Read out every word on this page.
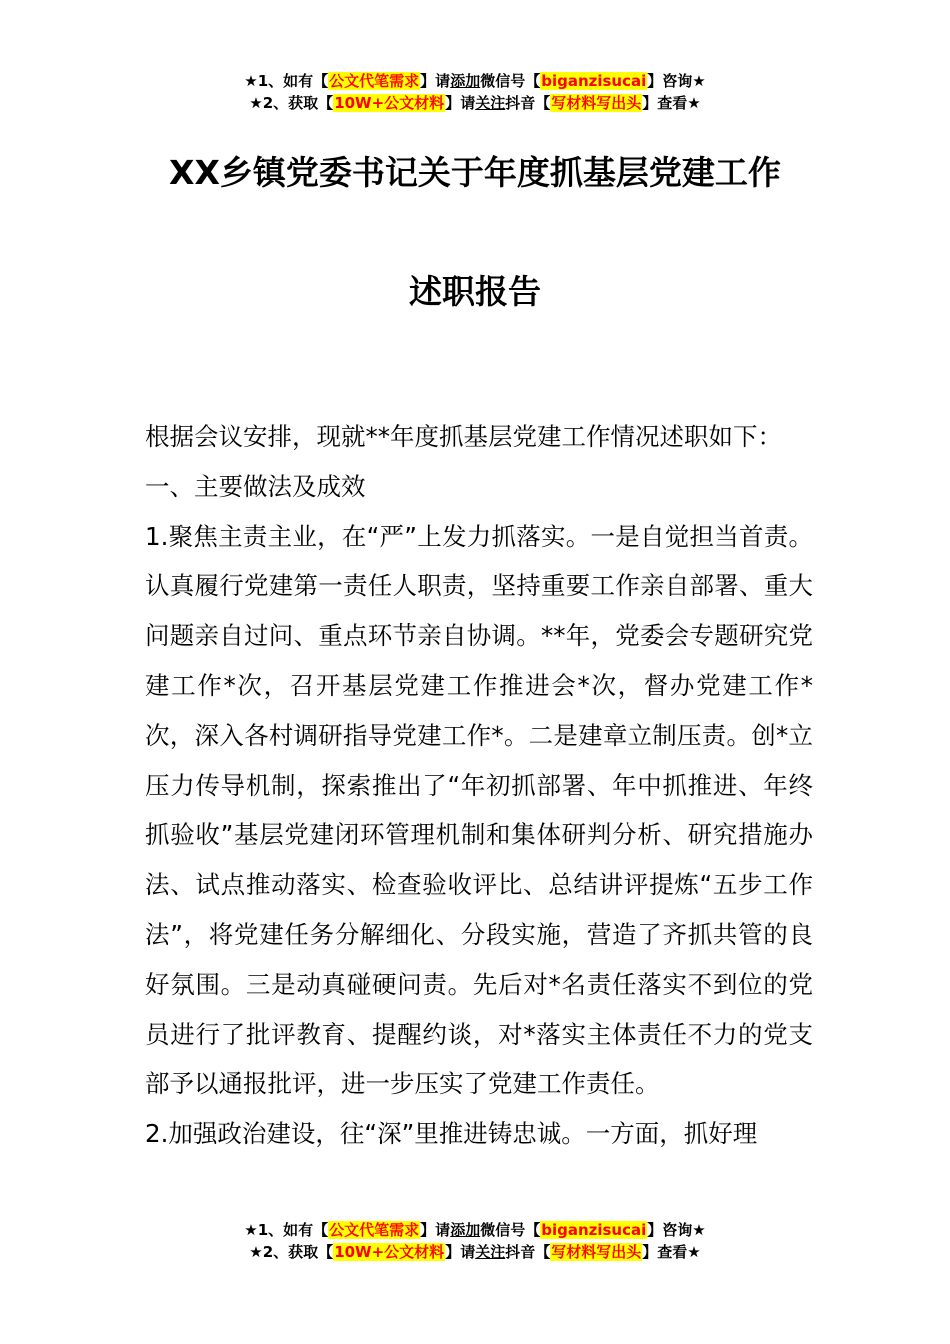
★1、如有【公文代笔需求】请添加微信号【biganzisucai】咨询★
★2、获取【10W+公文材料】请关注抖音【写材料写出头】查看★
XX乡镇党委书记关于年度抓基层党建工作
述职报告

根据会议安排，现就**年度抓基层党建工作情况述职如下：

一、主要做法及成效

1.聚焦主责主业，在“严”上发力抓落实。一是自觉担当首责。认真履行党建第一责任人职责，坚持重要工作亲自部署、重大问题亲自过问、重点环节亲自协调。**年，党委会专题研究党建工作*次，召开基层党建工作推进会*次，督办党建工作*次，深入各村调研指导党建工作*。二是建章立制压责。创*立压力传导机制，探索推出了“年初抓部署、年中抓推进、年终抓验收”基层党建闭环管理机制和集体研判分析、研究措施办法、试点推动落实、检查验收评比、总结讲评提炼“五步工作法”，将党建任务分解细化、分段实施，营造了齐抓共管的良好氛围。三是动真碰硬问责。先后对*名责任落实不到位的党员进行了批评教育、提醒约谈，对*落实主体责任不力的党支部予以通报批评，进一步压实了党建工作责任。

2.加强政治建设，往“深”里推进铸忠诚。一方面，抓好理

★1、如有【公文代笔需求】请添加微信号【biganzisucai】咨询★
★2、获取【10W+公文材料】请关注抖音【写材料写出头】查看★
